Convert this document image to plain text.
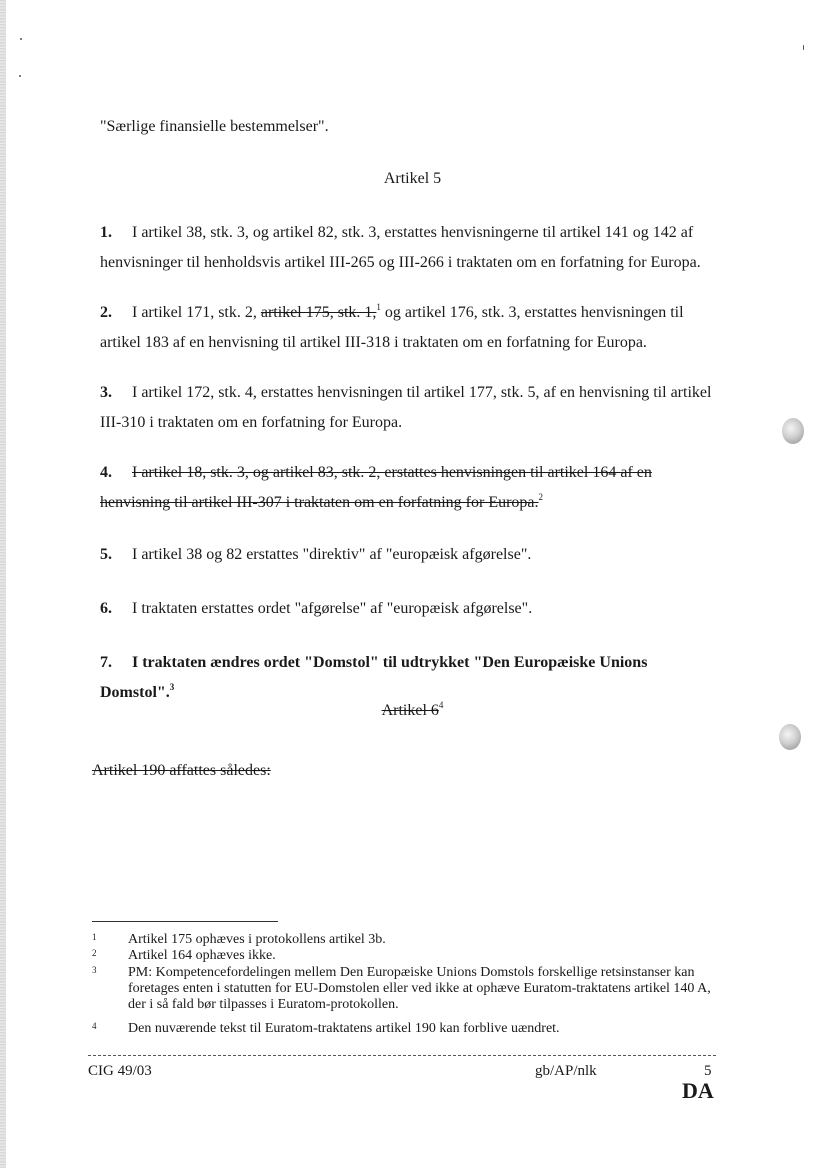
"Særlige finansielle bestemmelser".

Artikel 5

1. I artikel 38, stk. 3, og artikel 82, stk. 3, erstattes henvisningerne til artikel 141 og 142 af henvisninger til henholdsvis artikel III-265 og III-266 i traktaten om en forfatning for Europa.

2. I artikel 171, stk. 2, artikel 175, stk. 1,$^1$ og artikel 176, stk. 3, erstattes henvisningen til artikel 183 af en henvisning til artikel III-318 i traktaten om en forfatning for Europa.

3. I artikel 172, stk. 4, erstattes henvisningen til artikel 177, stk. 5, af en henvisning til artikel III-310 i traktaten om en forfatning for Europa.

4. I artikel 18, stk. 3, og artikel 83, stk. 2, erstattes henvisningen til artikel 164 af en henvisning til artikel III-307 i traktaten om en forfatning for Europa.$^2$

5. I artikel 38 og 82 erstattes "direktiv" af "europæisk afgørelse".

6. I traktaten erstattes ordet "afgørelse" af "europæisk afgørelse".

7. I traktaten ændres ordet "Domstol" til udtrykket "Den Europæiske Unions Domstol".$^3$

Artikel $6^4$

Artikel 190 affattes således:

1 Artikel 175 ophæves i protokollens artikel 3b.
2 Artikel 164 ophæves ikke.
3 PM: Kompetencefordelingen mellem Den Europæiske Unions Domstols forskellige retsinstanser kan foretages enten i statutten for EU-Domstolen eller ved ikke at ophæve Euratom-traktatens artikel 140 A, der i så fald bør tilpasses i Euratom-protokollen.
4 Den nuværende tekst til Euratom-traktatens artikel 190 kan forblive uændret.
CIG 49/03	gb/AP/nlk	5
DA
